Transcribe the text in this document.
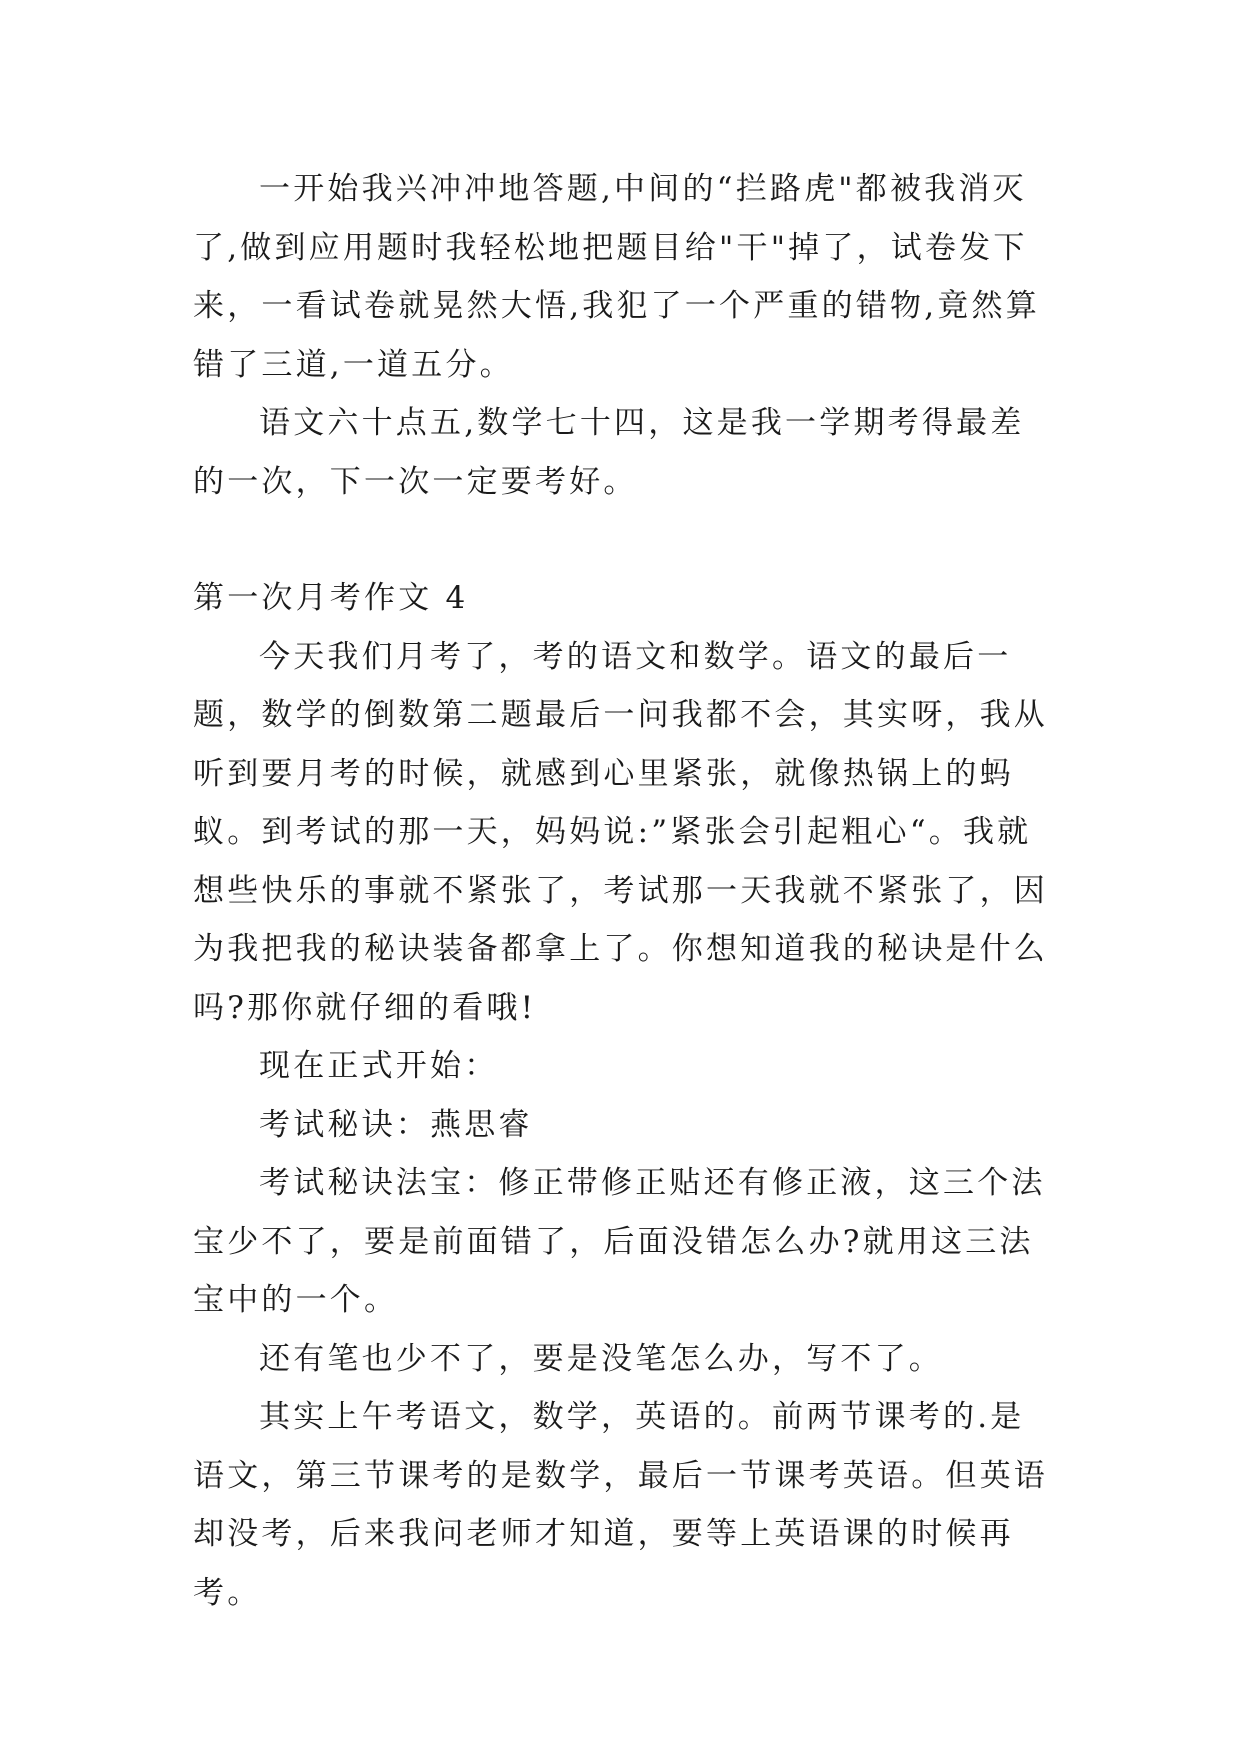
一开始我兴冲冲地答题,中间的“拦路虎"都被我消灭了,做到应用题时我轻松地把题目给"干"掉了，试卷发下来，一看试卷就晃然大悟,我犯了一个严重的错物,竟然算错了三道,一道五分。

语文六十点五,数学七十四，这是我一学期考得最差的一次，下一次一定要考好。

第一次月考作文 4

今天我们月考了，考的语文和数学。语文的最后一题，数学的倒数第二题最后一问我都不会，其实呀，我从听到要月考的时候，就感到心里紧张，就像热锅上的蚂蚁。到考试的那一天，妈妈说:”紧张会引起粗心“。我就想些快乐的事就不紧张了，考试那一天我就不紧张了，因为我把我的秘诀装备都拿上了。你想知道我的秘诀是什么吗?那你就仔细的看哦!

现在正式开始：

考试秘诀：燕思睿

考试秘诀法宝：修正带修正贴还有修正液，这三个法宝少不了，要是前面错了，后面没错怎么办?就用这三法宝中的一个。

还有笔也少不了，要是没笔怎么办，写不了。

其实上午考语文，数学，英语的。前两节课考的.是语文，第三节课考的是数学，最后一节课考英语。但英语却没考，后来我问老师才知道，要等上英语课的时候再考。
